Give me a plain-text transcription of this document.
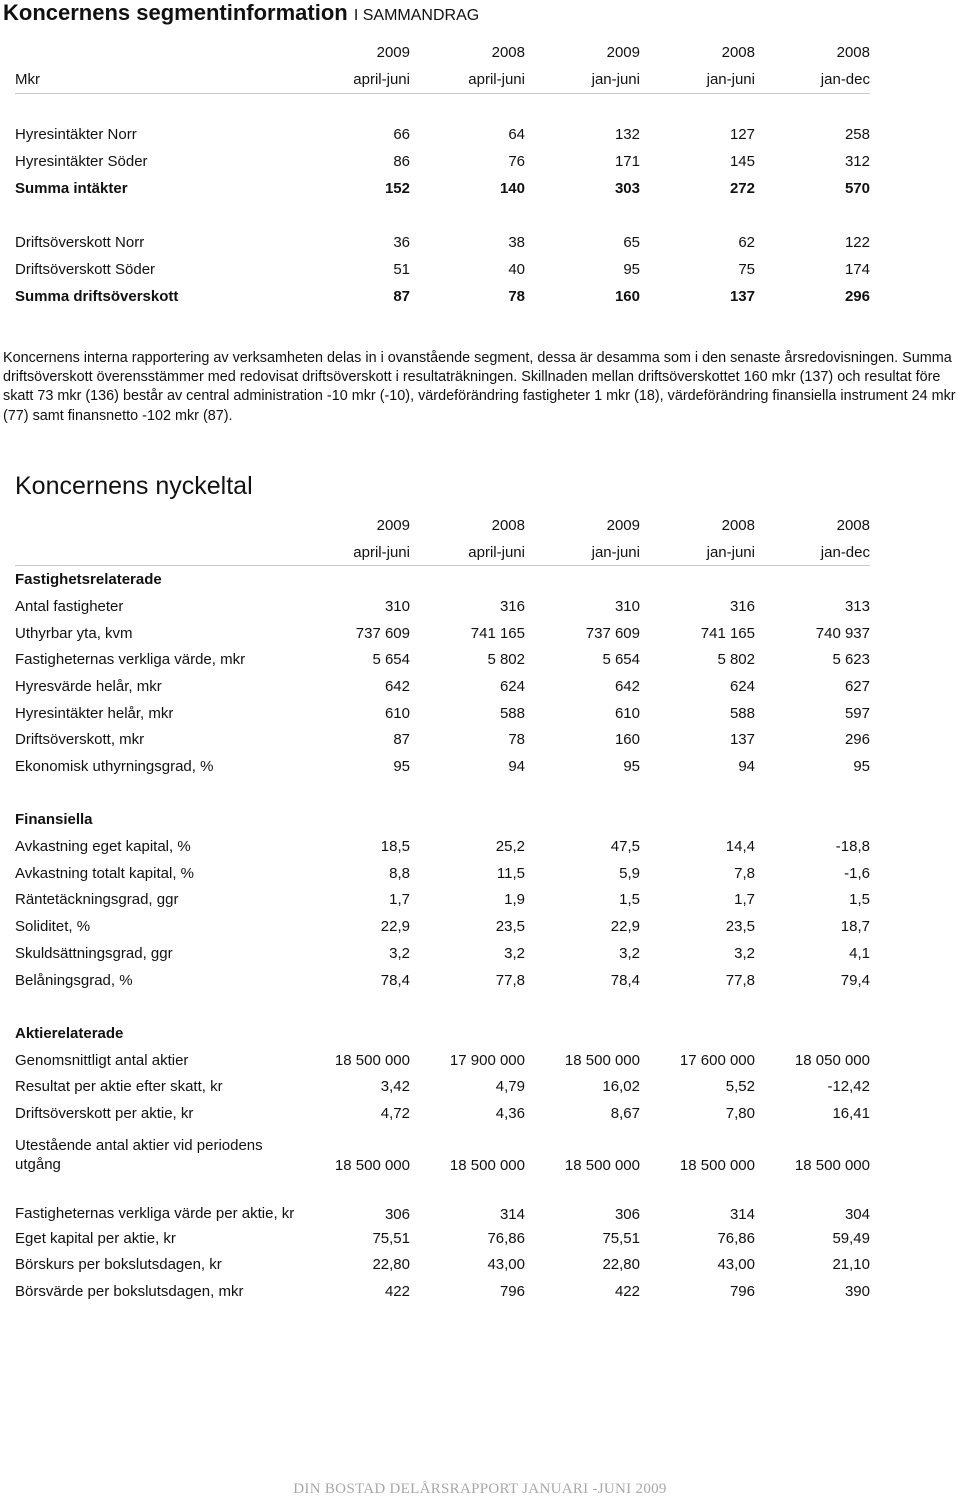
Koncernens segmentinformation I SAMMANDRAG
	2009	2008	2009	2008	2008
Mkr	april-juni	april-juni	jan-juni	jan-juni	jan-dec

Hyresintäkter Norr	66	64	132	127	258
Hyresintäkter Söder	86	76	171	145	312
Summa intäkter	152	140	303	272	570

Driftsöverskott Norr	36	38	65	62	122
Driftsöverskott Söder	51	40	95	75	174
Summa driftsöverskott	87	78	160	137	296
Koncernens interna rapportering av verksamheten delas in i ovanstående segment, dessa är desamma som i den senaste årsredovisningen. Summa driftsöverskott överensstämmer med redovisat driftsöverskott i resultaträkningen. Skillnaden mellan driftsöverskottet 160 mkr (137) och resultat före skatt 73 mkr (136) består av central administration -10 mkr (-10), värdeförändring fastigheter 1 mkr (18), värdeförändring finansiella instrument 24 mkr (77) samt finansnetto -102 mkr (87).
Koncernens nyckeltal
	2009	2008	2009	2008	2008
	april-juni	april-juni	jan-juni	jan-juni	jan-dec
Fastighetsrelaterade					
Antal fastigheter	310	316	310	316	313
Uthyrbar yta, kvm	737 609	741 165	737 609	741 165	740 937
Fastigheternas verkliga värde, mkr	5 654	5 802	5 654	5 802	5 623
Hyresvärde helår, mkr	642	624	642	624	627
Hyresintäkter helår, mkr	610	588	610	588	597
Driftsöverskott, mkr	87	78	160	137	296
Ekonomisk uthyrningsgrad, %	95	94	95	94	95

Finansiella					
Avkastning eget kapital, %	18,5	25,2	47,5	14,4	-18,8
Avkastning totalt kapital, %	8,8	11,5	5,9	7,8	-1,6
Räntetäckningsgrad, ggr	1,7	1,9	1,5	1,7	1,5
Soliditet, %	22,9	23,5	22,9	23,5	18,7
Skuldsättningsgrad, ggr	3,2	3,2	3,2	3,2	4,1
Belåningsgrad, %	78,4	77,8	78,4	77,8	79,4

Aktierelaterade					
Genomsnittligt antal aktier	18 500 000	17 900 000	18 500 000	17 600 000	18 050 000
Resultat per aktie efter skatt, kr	3,42	4,79	16,02	5,52	-12,42
Driftsöverskott per aktie, kr	4,72	4,36	8,67	7,80	16,41
Utestående antal aktier vid periodens utgång	18 500 000	18 500 000	18 500 000	18 500 000	18 500 000
Fastigheternas verkliga värde per aktie, kr	306	314	306	314	304
Eget kapital per aktie, kr	75,51	76,86	75,51	76,86	59,49
Börskurs per bokslutsdagen, kr	22,80	43,00	22,80	43,00	21,10
Börsvärde per bokslutsdagen, mkr	422	796	422	796	390
DIN BOSTAD DELÅRSRAPPORT JANUARI -JUNI 2009
